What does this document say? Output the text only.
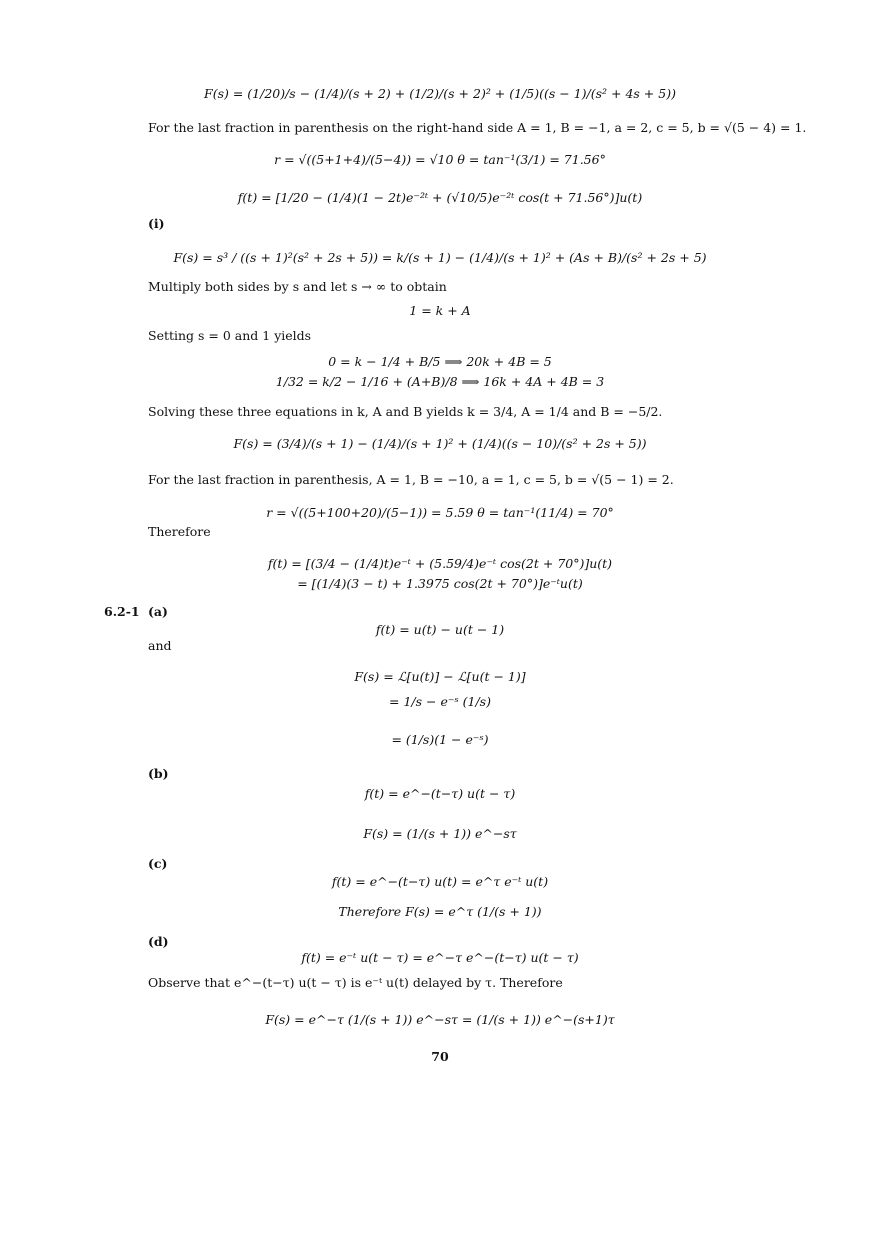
F(s) = (1/20)/s − (1/4)/(s + 2) + (1/2)/(s + 2)² + (1/5)((s − 1)/(s² + 4s + 5))
For the last fraction in parenthesis on the right-hand side A = 1, B = −1, a = 2, c = 5, b = √(5 − 4) = 1.
r = √((5+1+4)/(5−4)) = √10 θ = tan⁻¹(3/1) = 71.56°
f(t) = [1/20 − (1/4)(1 − 2t)e⁻²ᵗ + (√10/5)e⁻²ᵗ cos(t + 71.56°)]u(t)
(i)
F(s) = s³ / ((s + 1)²(s² + 2s + 5)) = k/(s + 1) − (1/4)/(s + 1)² + (As + B)/(s² + 2s + 5)
Multiply both sides by s and let s → ∞ to obtain
1 = k + A
Setting s = 0 and 1 yields
0 = k − 1/4 + B/5 ⟹ 20k + 4B = 5
1/32 = k/2 − 1/16 + (A+B)/8 ⟹ 16k + 4A + 4B = 3
Solving these three equations in k, A and B yields k = 3/4, A = 1/4 and B = −5/2.
F(s) = (3/4)/(s + 1) − (1/4)/(s + 1)² + (1/4)((s − 10)/(s² + 2s + 5))
For the last fraction in parenthesis, A = 1, B = −10, a = 1, c = 5, b = √(5 − 1) = 2.
r = √((5+100+20)/(5−1)) = 5.59 θ = tan⁻¹(11/4) = 70°
Therefore
f(t) = [(3/4 − (1/4)t)e⁻ᵗ + (5.59/4)e⁻ᵗ cos(2t + 70°)]u(t)
= [(1/4)(3 − t) + 1.3975 cos(2t + 70°)]e⁻ᵗu(t)
6.2-1 (a)
f(t) = u(t) − u(t − 1)
and
F(s) = ℒ[u(t)] − ℒ[u(t − 1)]
= 1/s − e⁻ˢ (1/s)
= (1/s)(1 − e⁻ˢ)
(b)
f(t) = e^−(t−τ) u(t − τ)
F(s) = (1/(s + 1)) e^−sτ
(c)
f(t) = e^−(t−τ) u(t) = e^τ e⁻ᵗ u(t)
Therefore F(s) = e^τ (1/(s + 1))
(d)
f(t) = e⁻ᵗ u(t − τ) = e^−τ e^−(t−τ) u(t − τ)
Observe that e^−(t−τ) u(t − τ) is e⁻ᵗ u(t) delayed by τ. Therefore
F(s) = e^−τ (1/(s + 1)) e^−sτ = (1/(s + 1)) e^−(s+1)τ
70
